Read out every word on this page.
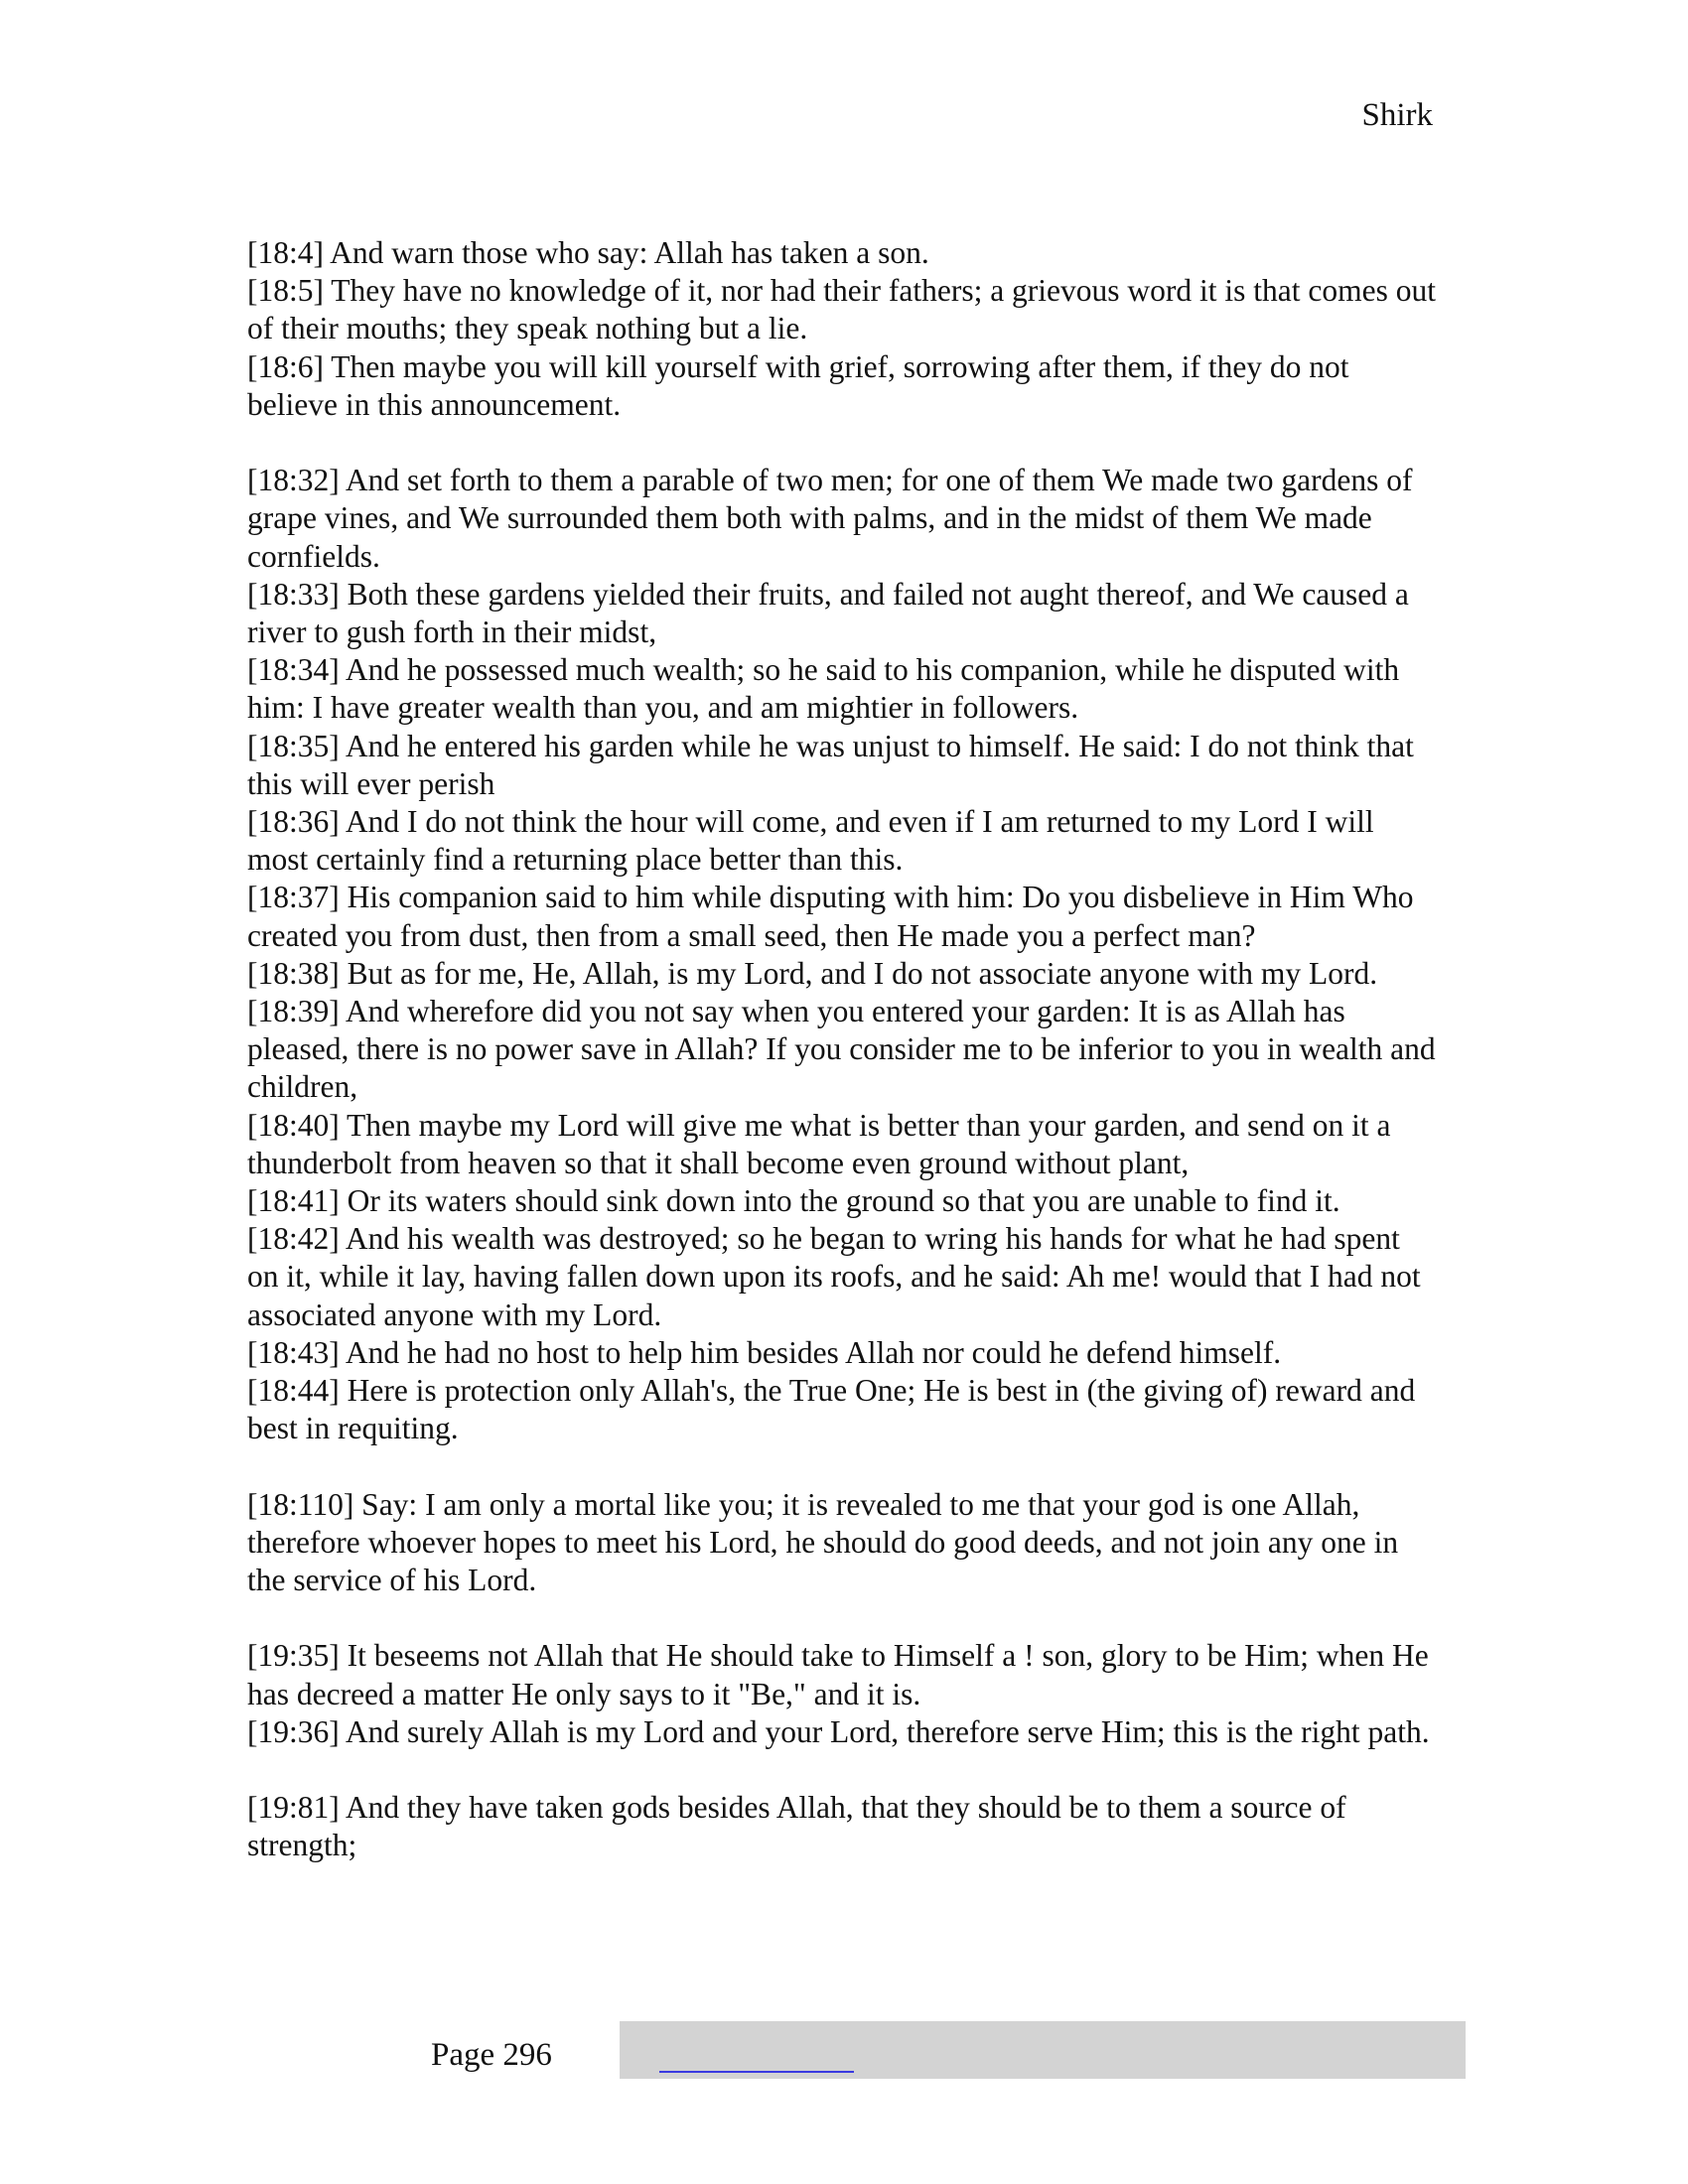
Shirk

[18:4] And warn those who say: Allah has taken a son.

[18:5] They have no knowledge of it, nor had their fathers; a grievous word it is that comes out of their mouths; they speak nothing but a lie.

[18:6] Then maybe you will kill yourself with grief, sorrowing after them, if they do not believe in this announcement.

[18:32] And set forth to them a parable of two men; for one of them We made two gardens of grape vines, and We surrounded them both with palms, and in the midst of them We made cornfields.

[18:33] Both these gardens yielded their fruits, and failed not aught thereof, and We caused a river to gush forth in their midst,

[18:34] And he possessed much wealth; so he said to his companion, while he disputed with him: I have greater wealth than you, and am mightier in followers.

[18:35] And he entered his garden while he was unjust to himself. He said: I do not think that this will ever perish

[18:36] And I do not think the hour will come, and even if I am returned to my Lord I will most certainly find a returning place better than this.

[18:37] His companion said to him while disputing with him: Do you disbelieve in Him Who created you from dust, then from a small seed, then He made you a perfect man?

[18:38] But as for me, He, Allah, is my Lord, and I do not associate anyone with my Lord.

[18:39] And wherefore did you not say when you entered your garden: It is as Allah has pleased, there is no power save in Allah? If you consider me to be inferior to you in wealth and children,

[18:40] Then maybe my Lord will give me what is better than your garden, and send on it a thunderbolt from heaven so that it shall become even ground without plant,

[18:41] Or its waters should sink down into the ground so that you are unable to find it.

[18:42] And his wealth was destroyed; so he began to wring his hands for what he had spent on it, while it lay, having fallen down upon its roofs, and he said: Ah me! would that I had not associated anyone with my Lord.

[18:43] And he had no host to help him besides Allah nor could he defend himself.

[18:44] Here is protection only Allah's, the True One; He is best in (the giving of) reward and best in requiting.

[18:110] Say: I am only a mortal like you; it is revealed to me that your god is one Allah, therefore whoever hopes to meet his Lord, he should do good deeds, and not join any one in the service of his Lord.

[19:35] It beseems not Allah that He should take to Himself a ! son, glory to be Him; when He has decreed a matter He only says to it "Be," and it is.

[19:36] And surely Allah is my Lord and your Lord, therefore serve Him; this is the right path.

[19:81] And they have taken gods besides Allah, that they should be to them a source of strength;

Page 296
